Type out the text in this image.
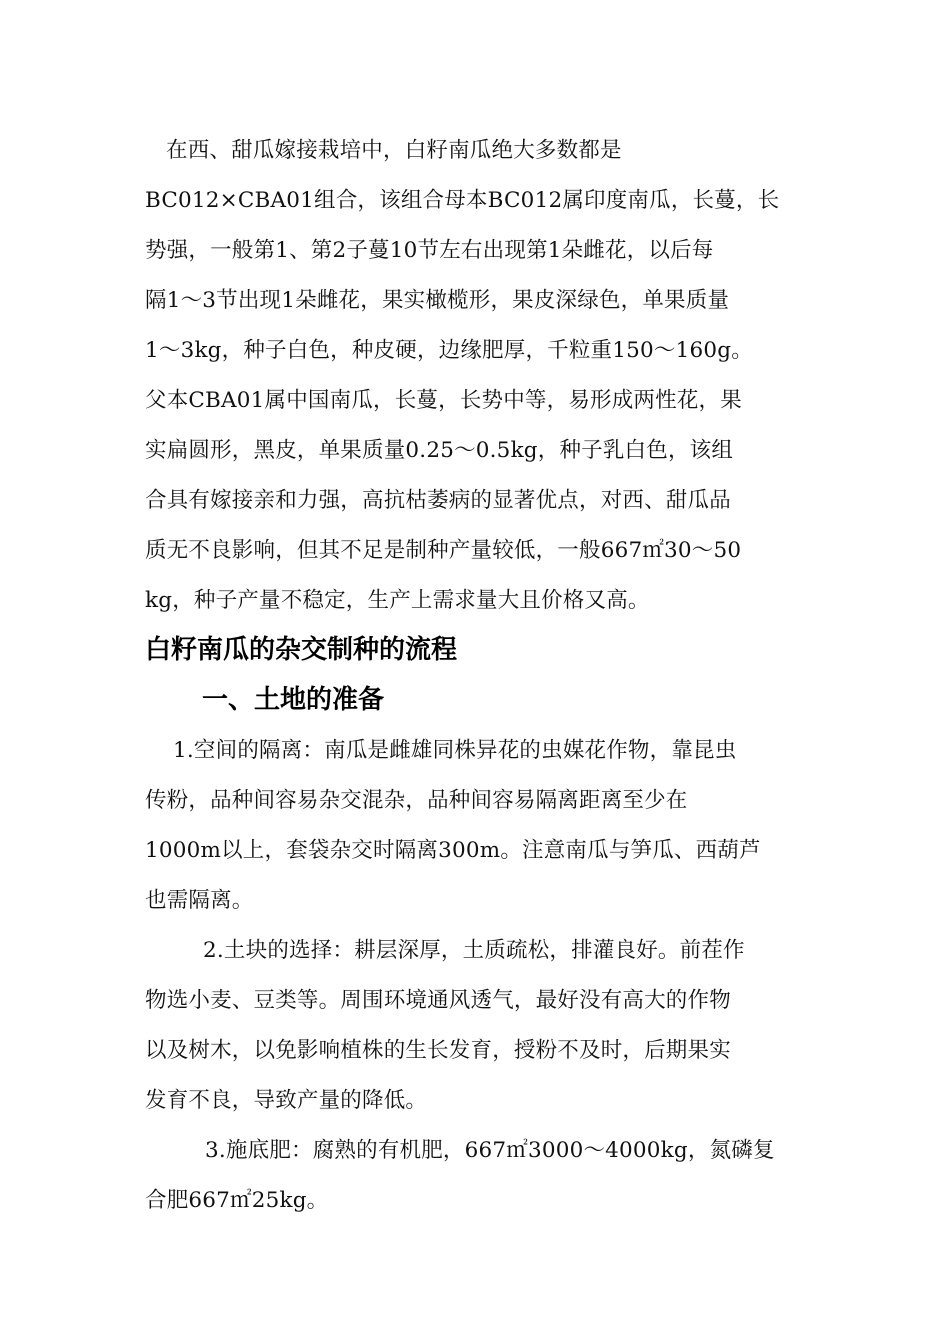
在西、甜瓜嫁接栽培中，白籽南瓜绝大多数都是
BC012×CBA01组合，该组合母本BC012属印度南瓜，长蔓，长
势强，一般第1、第2子蔓10节左右出现第1朵雌花，以后每
隔1～3节出现1朵雌花，果实橄榄形，果皮深绿色，单果质量
1～3kg，种子白色，种皮硬，边缘肥厚，千粒重150～160g。
父本CBA01属中国南瓜，长蔓，长势中等，易形成两性花，果
实扁圆形，黑皮，单果质量0.25～0.5kg，种子乳白色，该组
合具有嫁接亲和力强，高抗枯萎病的显著优点，对西、甜瓜品
质无不良影响，但其不足是制种产量较低，一般667㎡30～50
kg，种子产量不稳定，生产上需求量大且价格又高。
白籽南瓜的杂交制种的流程
一、土地的准备
1.空间的隔离：南瓜是雌雄同株异花的虫媒花作物，靠昆虫
传粉，品种间容易杂交混杂，品种间容易隔离距离至少在
1000m以上，套袋杂交时隔离300m。注意南瓜与笋瓜、西葫芦
也需隔离。
2.土块的选择：耕层深厚，土质疏松，排灌良好。前茬作
物选小麦、豆类等。周围环境通风透气，最好没有高大的作物
以及树木，以免影响植株的生长发育，授粉不及时，后期果实
发育不良，导致产量的降低。
3.施底肥：腐熟的有机肥，667㎡3000～4000kg，氮磷复
合肥667㎡25kg。
